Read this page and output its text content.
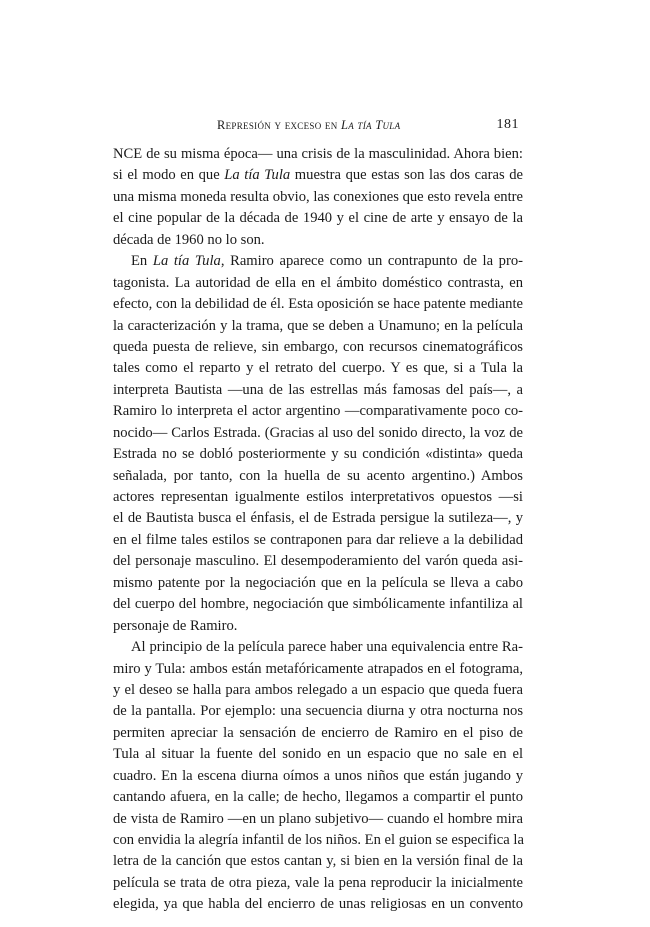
Represión y exceso en La tía Tula	181
NCE de su misma época— una crisis de la masculinidad. Ahora bien:
si el modo en que La tía Tula muestra que estas son las dos caras de
una misma moneda resulta obvio, las conexiones que esto revela entre
el cine popular de la década de 1940 y el cine de arte y ensayo de la
década de 1960 no lo son.
En La tía Tula, Ramiro aparece como un contrapunto de la pro-
tagonista. La autoridad de ella en el ámbito doméstico contrasta, en
efecto, con la debilidad de él. Esta oposición se hace patente mediante
la caracterización y la trama, que se deben a Unamuno; en la película
queda puesta de relieve, sin embargo, con recursos cinematográficos
tales como el reparto y el retrato del cuerpo. Y es que, si a Tula la
interpreta Bautista —una de las estrellas más famosas del país—, a
Ramiro lo interpreta el actor argentino —comparativamente poco co-
nocido— Carlos Estrada. (Gracias al uso del sonido directo, la voz de
Estrada no se dobló posteriormente y su condición «distinta» queda
señalada, por tanto, con la huella de su acento argentino.) Ambos
actores representan igualmente estilos interpretativos opuestos —si
el de Bautista busca el énfasis, el de Estrada persigue la sutileza—, y
en el filme tales estilos se contraponen para dar relieve a la debilidad
del personaje masculino. El desempoderamiento del varón queda asi-
mismo patente por la negociación que en la película se lleva a cabo
del cuerpo del hombre, negociación que simbólicamente infantiliza al
personaje de Ramiro.
Al principio de la película parece haber una equivalencia entre Ra-
miro y Tula: ambos están metafóricamente atrapados en el fotograma,
y el deseo se halla para ambos relegado a un espacio que queda fuera
de la pantalla. Por ejemplo: una secuencia diurna y otra nocturna nos
permiten apreciar la sensación de encierro de Ramiro en el piso de
Tula al situar la fuente del sonido en un espacio que no sale en el
cuadro. En la escena diurna oímos a unos niños que están jugando y
cantando afuera, en la calle; de hecho, llegamos a compartir el punto
de vista de Ramiro —en un plano subjetivo— cuando el hombre mira
con envidia la alegría infantil de los niños. En el guion se especifica la
letra de la canción que estos cantan y, si bien en la versión final de la
película se trata de otra pieza, vale la pena reproducir la inicialmente
elegida, ya que habla del encierro de unas religiosas en un convento
